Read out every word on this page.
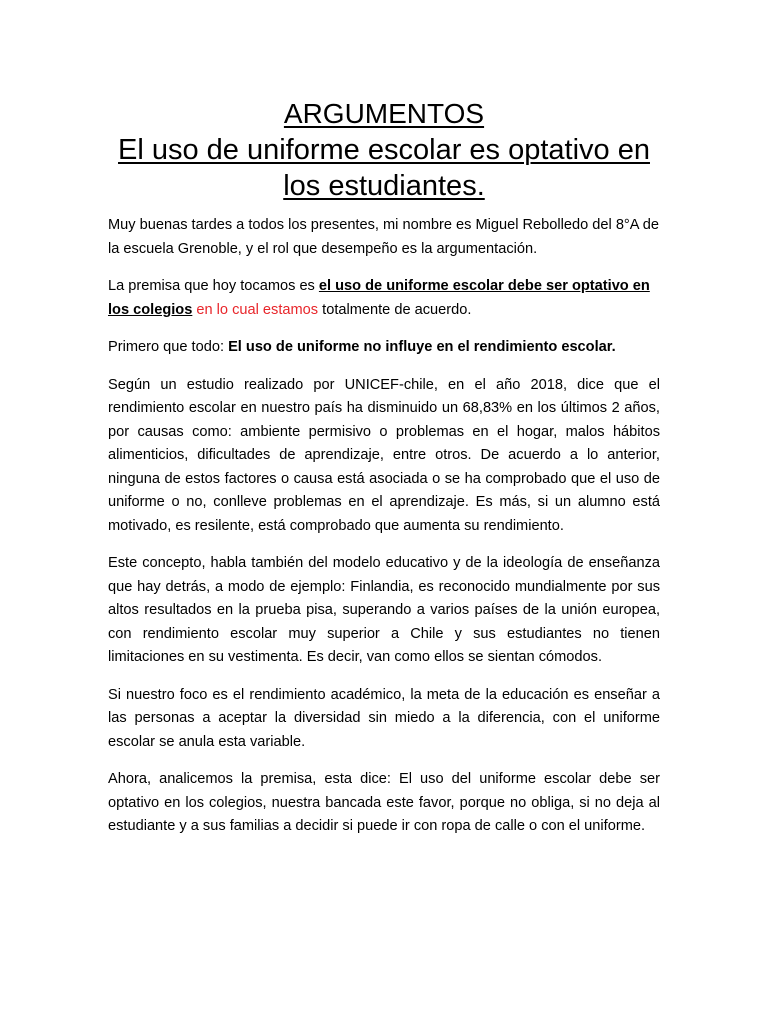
ARGUMENTOS
El uso de uniforme escolar es optativo en
los estudiantes.

Muy buenas tardes a todos los presentes, mi nombre es Miguel Rebolledo del 8°A de la escuela Grenoble, y el rol que desempeño es la argumentación.

La premisa que hoy tocamos es el uso de uniforme escolar debe ser optativo en los colegios en lo cual estamos totalmente de acuerdo.

Primero que todo: El uso de uniforme no influye en el rendimiento escolar.

Según un estudio realizado por UNICEF-chile, en el año 2018, dice que el rendimiento escolar en nuestro país ha disminuido un 68,83% en los últimos 2 años, por causas como: ambiente permisivo o problemas en el hogar, malos hábitos alimenticios, dificultades de aprendizaje, entre otros. De acuerdo a lo anterior, ninguna de estos factores o causa está asociada o se ha comprobado que el uso de uniforme o no, conlleve problemas en el aprendizaje. Es más, si un alumno está motivado, es resilente, está comprobado que aumenta su rendimiento.

Este concepto, habla también del modelo educativo y de la ideología de enseñanza que hay detrás, a modo de ejemplo: Finlandia, es reconocido mundialmente por sus altos resultados en la prueba pisa, superando a varios países de la unión europea, con rendimiento escolar muy superior a Chile y sus estudiantes no tienen limitaciones en su vestimenta. Es decir, van como ellos se sientan cómodos.

Si nuestro foco es el rendimiento académico, la meta de la educación es enseñar a las personas a aceptar la diversidad sin miedo a la diferencia, con el uniforme escolar se anula esta variable.

Ahora, analicemos la premisa, esta dice: El uso del uniforme escolar debe ser optativo en los colegios, nuestra bancada este favor, porque no obliga, si no deja al estudiante y a sus familias a decidir si puede ir con ropa de calle o con el uniforme.
